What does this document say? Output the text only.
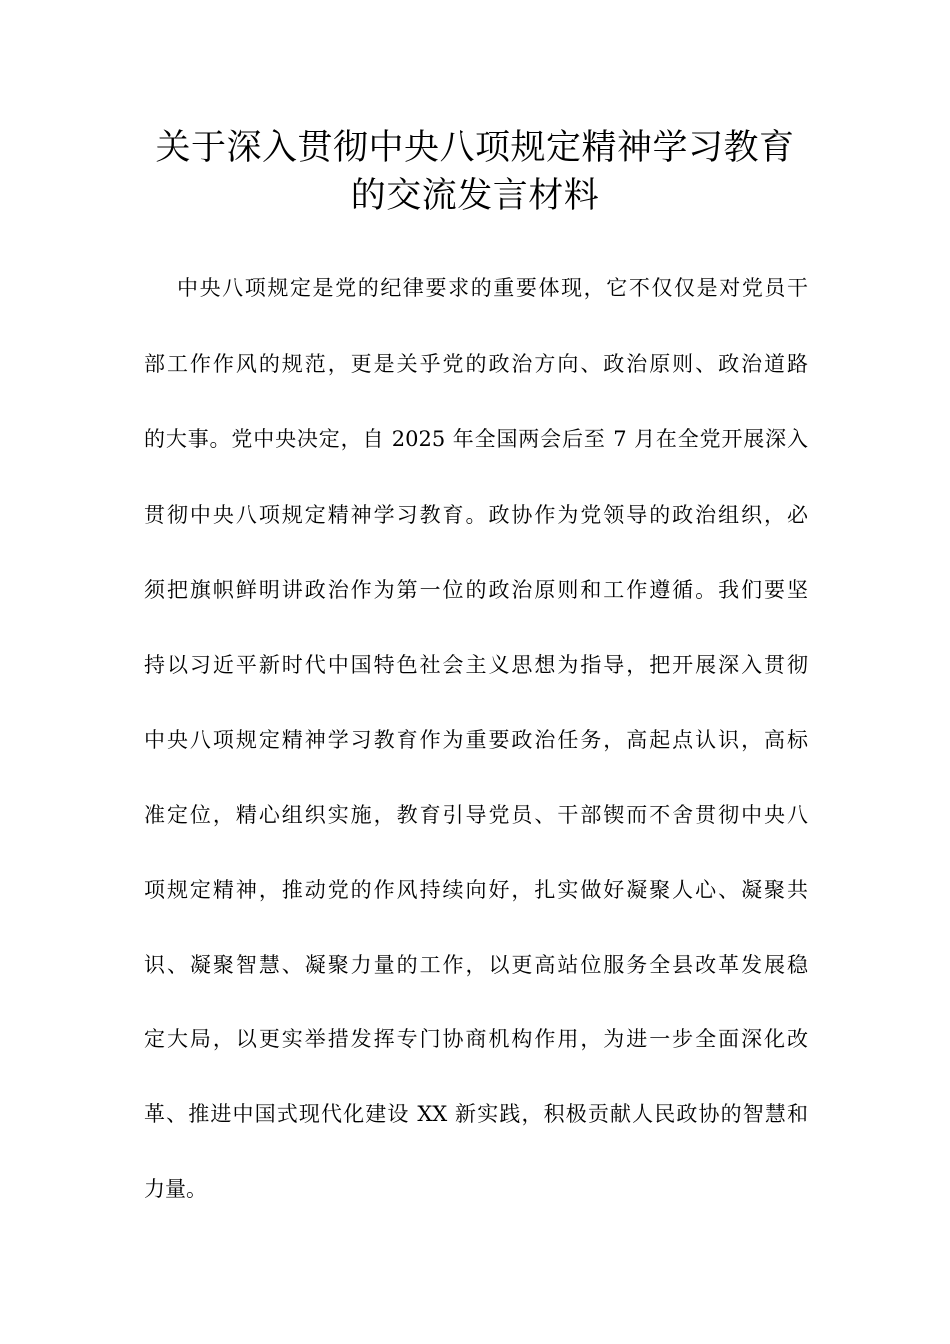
关于深入贯彻中央八项规定精神学习教育
的交流发言材料
中央八项规定是党的纪律要求的重要体现，它不仅仅是对党员干
部工作作风的规范，更是关乎党的政治方向、政治原则、政治道路
的大事。党中央决定，自 2025 年全国两会后至 7 月在全党开展深入
贯彻中央八项规定精神学习教育。政协作为党领导的政治组织，必
须把旗帜鲜明讲政治作为第一位的政治原则和工作遵循。我们要坚
持以习近平新时代中国特色社会主义思想为指导，把开展深入贯彻
中央八项规定精神学习教育作为重要政治任务，高起点认识，高标
准定位，精心组织实施，教育引导党员、干部锲而不舍贯彻中央八
项规定精神，推动党的作风持续向好，扎实做好凝聚人心、凝聚共
识、凝聚智慧、凝聚力量的工作，以更高站位服务全县改革发展稳
定大局，以更实举措发挥专门协商机构作用，为进一步全面深化改
革、推进中国式现代化建设 XX 新实践，积极贡献人民政协的智慧和
力量。
